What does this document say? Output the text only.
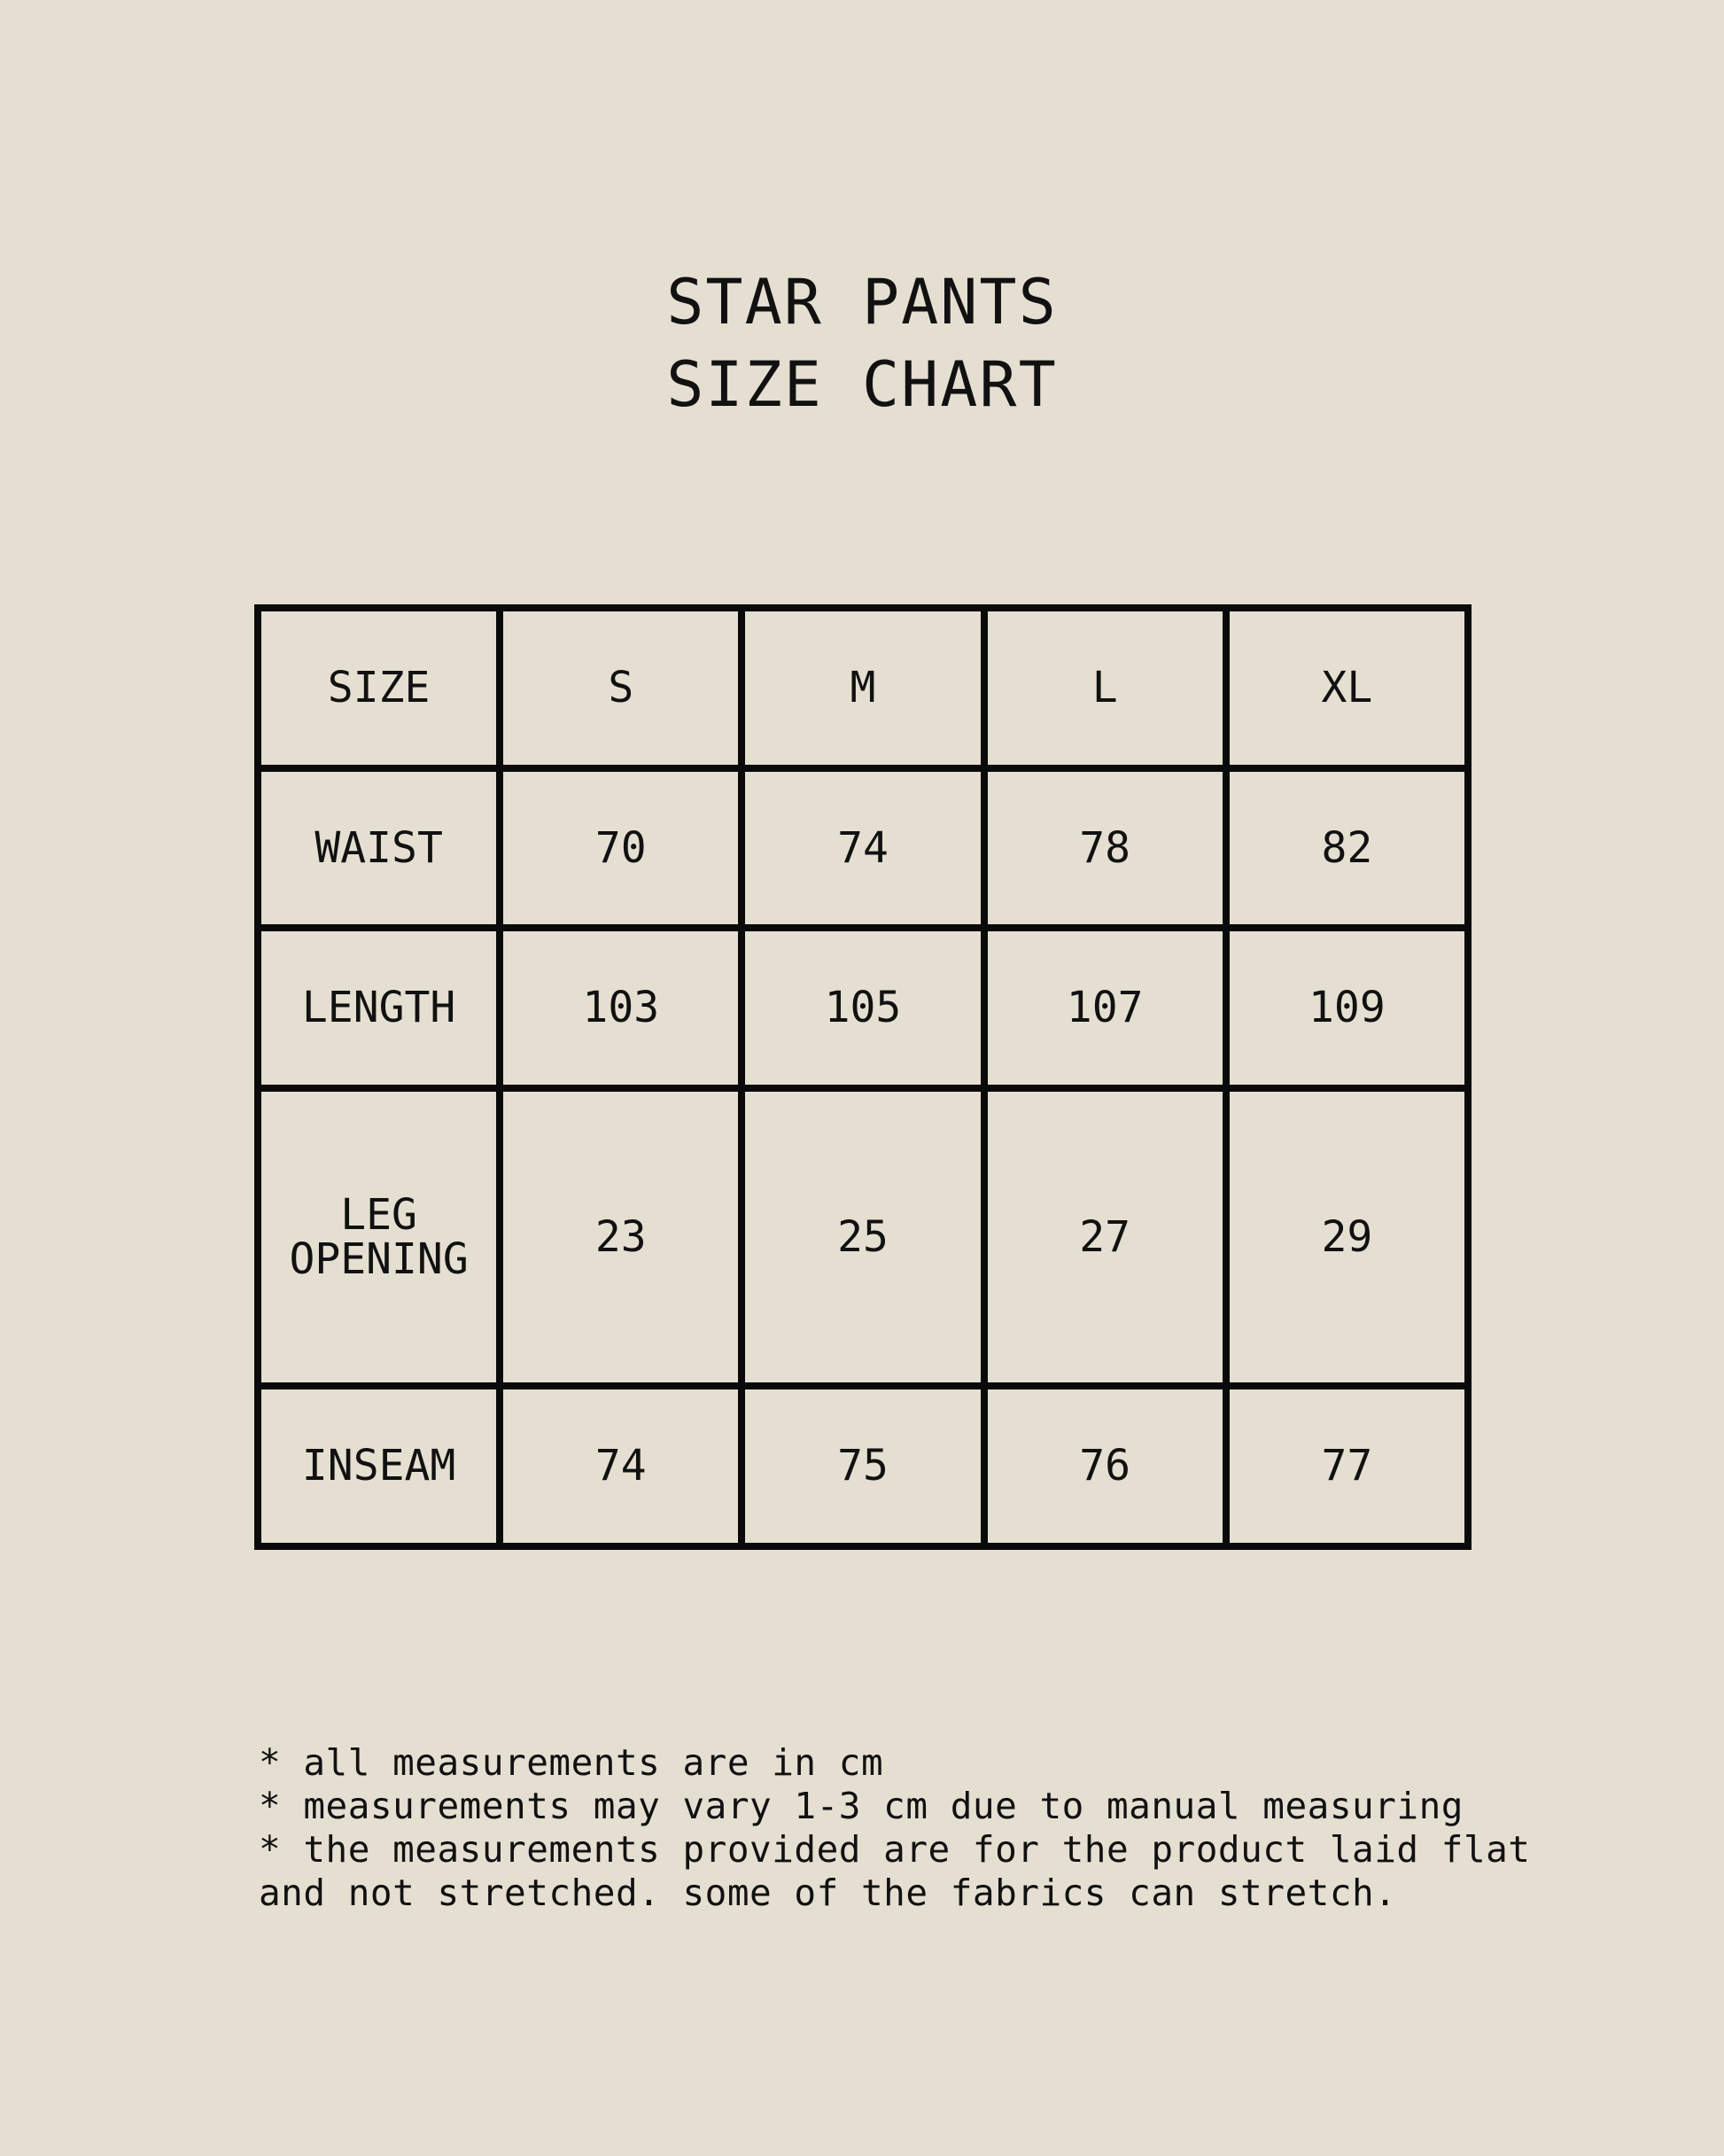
STAR PANTS
SIZE CHART
SIZE	S	M	L	XL
WAIST	70	74	78	82
LENGTH	103	105	107	109
LEG
OPENING	23	25	27	29
INSEAM	74	75	76	77
* all measurements are in cm
* measurements may vary 1-3 cm due to manual measuring
* the measurements provided are for the product laid flat
and not stretched. some of the fabrics can stretch.
